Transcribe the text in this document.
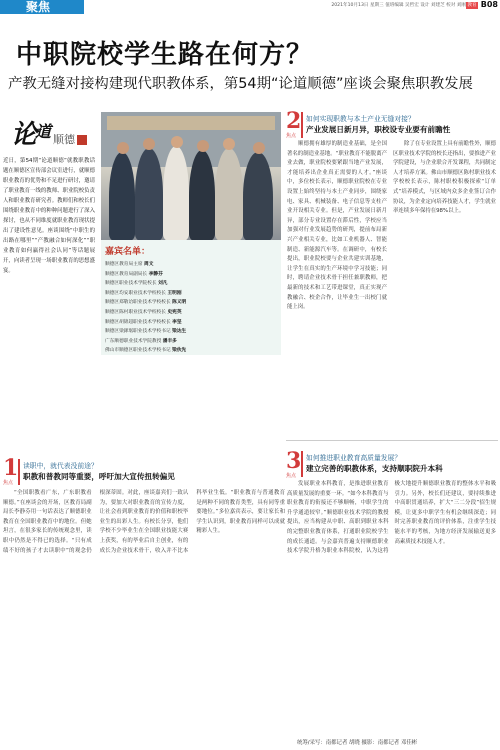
聚焦	2021年10月13日 星期三 值班编辑 吴哲宏 设计 刘建芝 校对 刘刚 教育 B08
中职院校学生路在何方？
产教无缝对接构建现代职教体系，第54期“论道顺德”座谈会聚焦职教发展
论
道 顺德
近日，第54期“论道顺德”就教职教话题在顺德区宣传部会议室进行，就顺德职业教育的优势和不足进行研讨，邀请了职业教育一线的教师、职业院校负责人和职业教育研究者。教师们和校长们围绕职业教育中的种种问题进行了深入探讨，也从不同维度就职业教育现状提出了建设性意见。座谈围绕“中职生的出路在哪里”“产教融合如何深化”“职业教育如何赢得社会认同”等话题展开，向读者呈现一场职业教育的思想盛宴。
嘉宾名单：
顺德区教育局主席 周文
顺德区教育局副局长 李静芬
顺德区职业技术学院校长 刘凡
顺德区均安职业技术学校校长 王明刚
顺德区郑敬诒职业技术学校校长 陈义明
顺德区陈村职业技术学校校长 史宪英
顺德区胡锦超职业技术学校校长 李坚
顺德区梁銶琚职业技术学校书记 梁达生
广东顺德职业技术学院教授 潘丰多
佛山市顺德区职业技术学校书记 梁伙先
2
焦点
如何实现职教与本土产业无缝对接？
产业发展日新月异，职校设专业要有前瞻性

顺德拥有雄厚的制造业基础，是全国著名的制造业基地。“职业教育不能脱离产业去做，职业院校要紧跟当地产业发展，才能培养出企业真正需要的人才。”座谈中，多位校长表示，顺德职业院校在专业设置上始终坚持与本土产业同步，围绕家电、家具、机械装备、电子信息等支柱产业开设相关专业。但是，产业发展日新月异，部分专业设置存在滞后性，学校应当加强对行业发展趋势的研判，提前布局新兴产业相关专业，比如工业机器人、智能制造、新能源汽车等。在调研中，有校长提出，职业院校要与企业共建实训基地，让学生在真实的生产环境中学习技能；同时，聘请企业技术骨干担任兼职教师，把最新的技术和工艺带进课堂，真正实现产教融合、校企合作，让毕业生一出校门就能上岗。

除了在专业设置上具有前瞻性外，顺德区职业技术学院的校长还指出，要推进产业学院建设，与企业联合开发课程，共同制定人才培养方案。佛山市顺德区陈村职业技术学校校长表示，陈村职校积极探索“订单式”培养模式，与区域内众多企业签订合作协议，为企业定向培养技能人才，学生就业率连续多年保持在98%以上。

1
焦点
读职中，就代表没前途？
职教和普教同等重要，呼吁加大宣传扭转偏见

“全国职教看广东，广东职教看顺德。”在座谈会的开场，区教育局副局长李静芬用一句话表达了顺德职业教育在全国职业教育中的地位。但她坦言，在很多家长的传统观念里，读职中仍然是不得已的选择。“只有成绩不好的孩子才去读职中”的观念仍根深蒂固。对此，座谈嘉宾们一致认为，要加大对职业教育的宣传力度，让社会看到职业教育的价值和职校毕业生的出彩人生。有校长分享，他们学校不少毕业生在全国职业技能大赛上获奖，有的毕业后自主创业，有的成长为企业技术骨干，收入并不比本科毕业生低。“职业教育与普通教育是两种不同的教育类型，具有同等重要地位。”多位嘉宾表示，要让家长和学生认识到，职业教育同样可以成就精彩人生。

3
焦点
如何推进职业教育高质量发展？
建立完善的职教体系，支持顺职院升本科

发展职业本科教育，是推进职业教育高质量发展的重要一环。“如今本科教育与职业教育的衔接还不够顺畅，中职学生的升学通道较窄。”顺德职业技术学院的教授提出，应当构建从中职、高职到职业本科的完整职业教育体系，打通职业院校学生的成长通道。与会嘉宾普遍支持顺德职业技术学院升格为职业本科院校，认为这将极大地提升顺德职业教育的整体水平和吸引力。另外，校长们还建议，要持续推进中高职贯通培养，扩大“三二分段”招生规模，让更多中职学生有机会继续深造；同时完善职业教育的评价体系，注重学生技能水平的考核，为地方经济发展输送更多高素质技术技能人才。

统筹/采写：南都记者 胡晓 摄影：南都记者 邓佳彬
